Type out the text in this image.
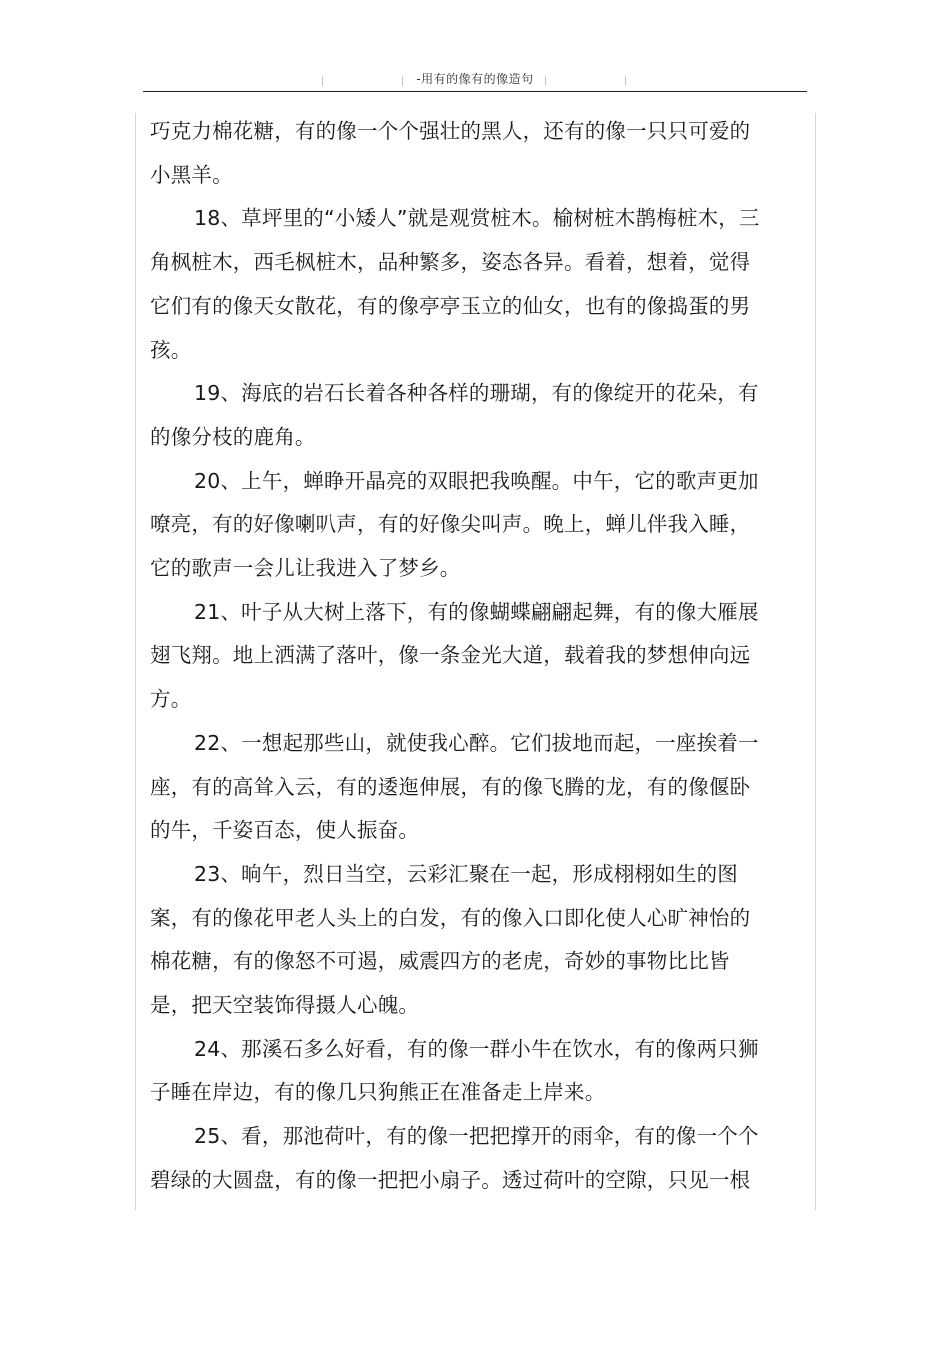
-用有的像有的像造句

巧克力棉花糖，有的像一个个强壮的黑人，还有的像一只只可爱的小黑羊。

18、草坪里的“小矮人”就是观赏桩木。榆树桩木鹊梅桩木，三角枫桩木，西毛枫桩木，品种繁多，姿态各异。看着，想着，觉得它们有的像天女散花，有的像亭亭玉立的仙女，也有的像捣蛋的男孩。

19、海底的岩石长着各种各样的珊瑚，有的像绽开的花朵，有的像分枝的鹿角。

20、上午，蝉睁开晶亮的双眼把我唤醒。中午，它的歌声更加嘹亮，有的好像喇叭声，有的好像尖叫声。晚上，蝉儿伴我入睡，它的歌声一会儿让我进入了梦乡。

21、叶子从大树上落下，有的像蝴蝶翩翩起舞，有的像大雁展翅飞翔。地上洒满了落叶，像一条金光大道，载着我的梦想伸向远方。

22、一想起那些山，就使我心醉。它们拔地而起，一座挨着一座，有的高耸入云，有的逶迤伸展，有的像飞腾的龙，有的像偃卧的牛，千姿百态，使人振奋。

23、晌午，烈日当空，云彩汇聚在一起，形成栩栩如生的图案，有的像花甲老人头上的白发，有的像入口即化使人心旷神怡的棉花糖，有的像怒不可遏，威震四方的老虎，奇妙的事物比比皆是，把天空装饰得摄人心魄。

24、那溪石多么好看，有的像一群小牛在饮水，有的像两只狮子睡在岸边，有的像几只狗熊正在准备走上岸来。

25、看，那池荷叶，有的像一把把撑开的雨伞，有的像一个个碧绿的大圆盘，有的像一把把小扇子。透过荷叶的空隙，只见一根
